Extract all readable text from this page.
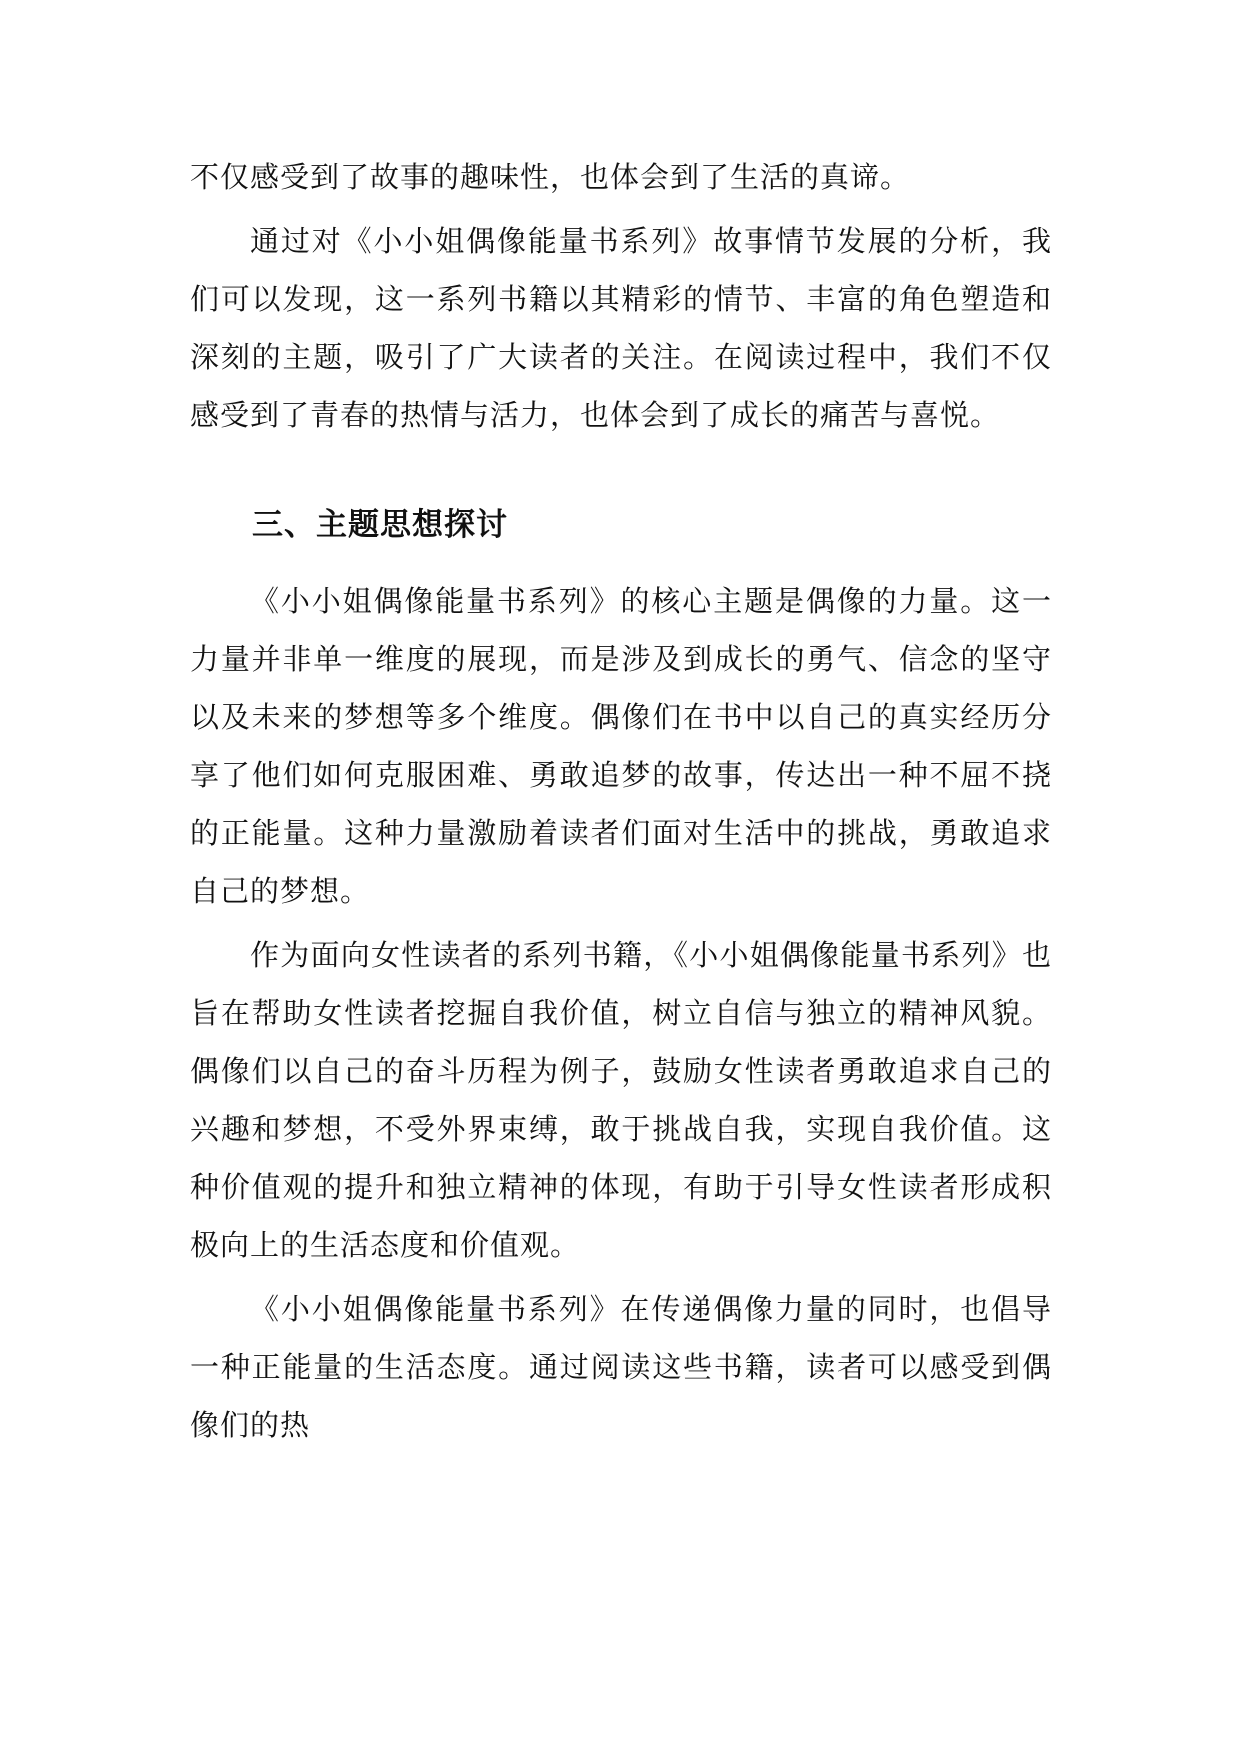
不仅感受到了故事的趣味性，也体会到了生活的真谛。

通过对《小小姐偶像能量书系列》故事情节发展的分析，我们可以发现，这一系列书籍以其精彩的情节、丰富的角色塑造和深刻的主题，吸引了广大读者的关注。在阅读过程中，我们不仅感受到了青春的热情与活力，也体会到了成长的痛苦与喜悦。

三、主题思想探讨

《小小姐偶像能量书系列》的核心主题是偶像的力量。这一力量并非单一维度的展现，而是涉及到成长的勇气、信念的坚守以及未来的梦想等多个维度。偶像们在书中以自己的真实经历分享了他们如何克服困难、勇敢追梦的故事，传达出一种不屈不挠的正能量。这种力量激励着读者们面对生活中的挑战，勇敢追求自己的梦想。

作为面向女性读者的系列书籍，《小小姐偶像能量书系列》也旨在帮助女性读者挖掘自我价值，树立自信与独立的精神风貌。偶像们以自己的奋斗历程为例子，鼓励女性读者勇敢追求自己的兴趣和梦想，不受外界束缚，敢于挑战自我，实现自我价值。这种价值观的提升和独立精神的体现，有助于引导女性读者形成积极向上的生活态度和价值观。

《小小姐偶像能量书系列》在传递偶像力量的同时，也倡导一种正能量的生活态度。通过阅读这些书籍，读者可以感受到偶像们的热
